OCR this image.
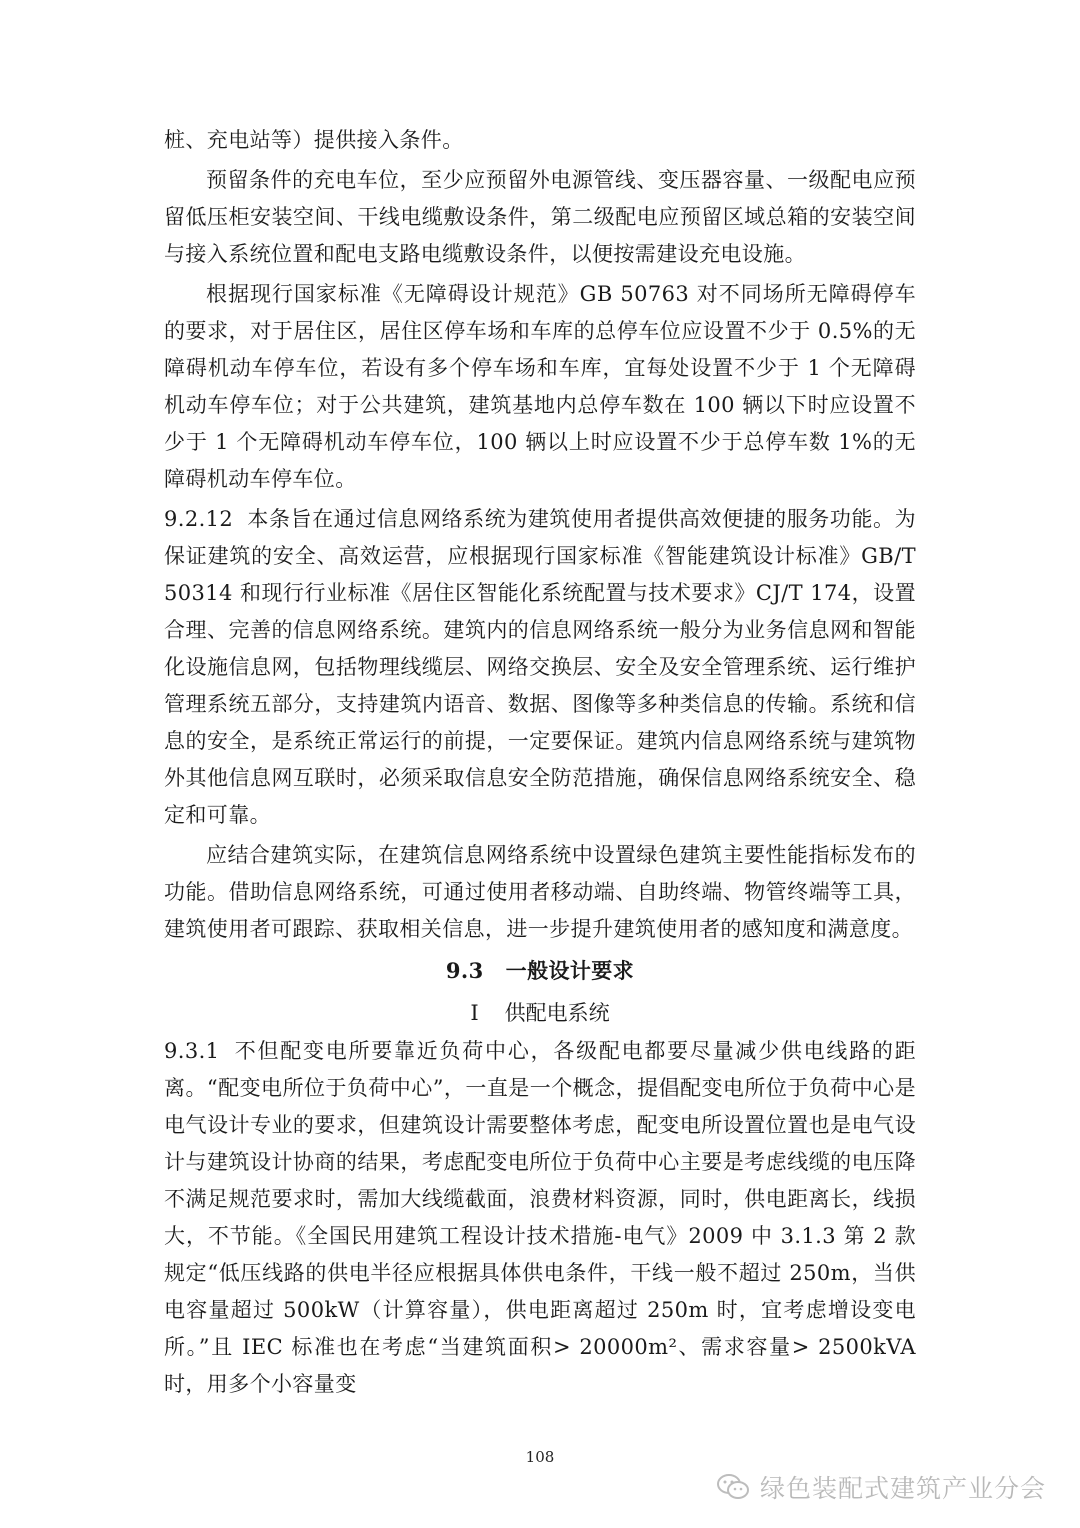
桩、充电站等）提供接入条件。

预留条件的充电车位，至少应预留外电源管线、变压器容量、一级配电应预留低压柜安装空间、干线电缆敷设条件，第二级配电应预留区域总箱的安装空间与接入系统位置和配电支路电缆敷设条件，以便按需建设充电设施。

根据现行国家标准《无障碍设计规范》GB 50763 对不同场所无障碍停车的要求，对于居住区，居住区停车场和车库的总停车位应设置不少于 0.5%的无障碍机动车停车位，若设有多个停车场和车库，宜每处设置不少于 1 个无障碍机动车停车位；对于公共建筑，建筑基地内总停车数在 100 辆以下时应设置不少于 1 个无障碍机动车停车位，100 辆以上时应设置不少于总停车数 1%的无障碍机动车停车位。

9.2.12 本条旨在通过信息网络系统为建筑使用者提供高效便捷的服务功能。为保证建筑的安全、高效运营，应根据现行国家标准《智能建筑设计标准》GB/T 50314 和现行行业标准《居住区智能化系统配置与技术要求》CJ/T 174，设置合理、完善的信息网络系统。建筑内的信息网络系统一般分为业务信息网和智能化设施信息网，包括物理线缆层、网络交换层、安全及安全管理系统、运行维护管理系统五部分，支持建筑内语音、数据、图像等多种类信息的传输。系统和信息的安全，是系统正常运行的前提，一定要保证。建筑内信息网络系统与建筑物外其他信息网互联时，必须采取信息安全防范措施，确保信息网络系统安全、稳定和可靠。

应结合建筑实际，在建筑信息网络系统中设置绿色建筑主要性能指标发布的功能。借助信息网络系统，可通过使用者移动端、自助终端、物管终端等工具，建筑使用者可跟踪、获取相关信息，进一步提升建筑使用者的感知度和满意度。

9.3 一般设计要求
Ⅰ 供配电系统

9.3.1 不但配变电所要靠近负荷中心，各级配电都要尽量减少供电线路的距离。“配变电所位于负荷中心”，一直是一个概念，提倡配变电所位于负荷中心是电气设计专业的要求，但建筑设计需要整体考虑，配变电所设置位置也是电气设计与建筑设计协商的结果，考虑配变电所位于负荷中心主要是考虑线缆的电压降不满足规范要求时，需加大线缆截面，浪费材料资源，同时，供电距离长，线损大，不节能。《全国民用建筑工程设计技术措施-电气》2009 中 3.1.3 第 2 款规定“低压线路的供电半径应根据具体供电条件，干线一般不超过 250m，当供电容量超过 500kW（计算容量），供电距离超过 250m 时，宜考虑增设变电所。”且 IEC 标准也在考虑“当建筑面积> 20000m²、需求容量> 2500kVA 时，用多个小容量变

108
绿色装配式建筑产业分会
